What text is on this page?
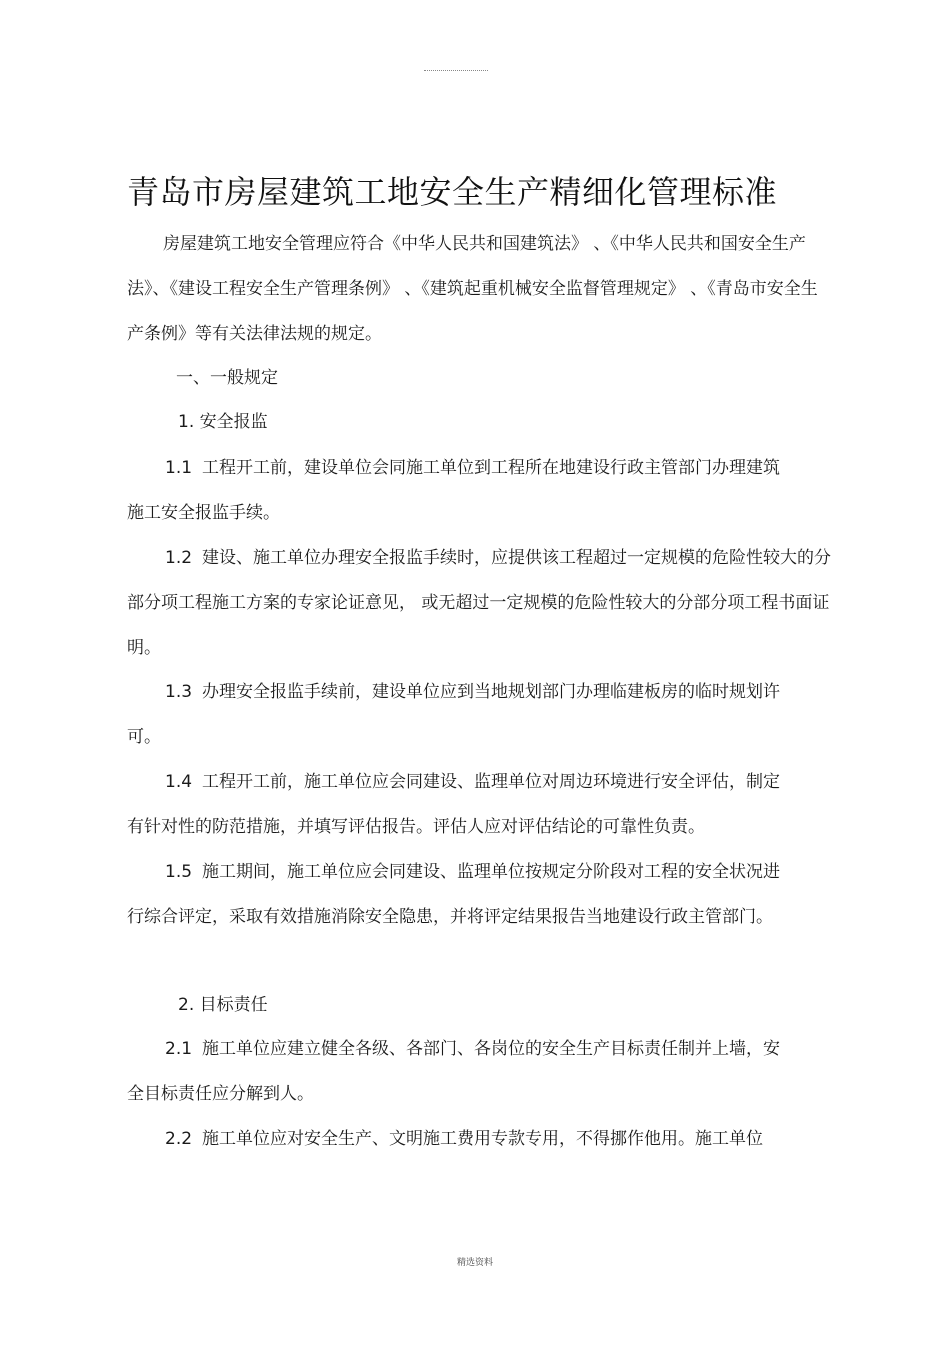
青岛市房屋建筑工地安全生产精细化管理标准

房屋建筑工地安全管理应符合《中华人民共和国建筑法》 、《中华人民共和国安全生产法》、《建设工程安全生产管理条例》 、《建筑起重机械安全监督管理规定》 、《青岛市安全生产条例》等有关法律法规的规定。

一、一般规定
1. 安全报监

1.1 工程开工前，建设单位会同施工单位到工程所在地建设行政主管部门办理建筑施工安全报监手续。

1.2 建设、施工单位办理安全报监手续时，应提供该工程超过一定规模的危险性较大的分部分项工程施工方案的专家论证意见， 或无超过一定规模的危险性较大的分部分项工程书面证明。

1.3 办理安全报监手续前，建设单位应到当地规划部门办理临建板房的临时规划许可。

1.4 工程开工前，施工单位应会同建设、监理单位对周边环境进行安全评估，制定有针对性的防范措施，并填写评估报告。评估人应对评估结论的可靠性负责。

1.5 施工期间，施工单位应会同建设、监理单位按规定分阶段对工程的安全状况进行综合评定，采取有效措施消除安全隐患，并将评定结果报告当地建设行政主管部门。

2. 目标责任

2.1 施工单位应建立健全各级、各部门、各岗位的安全生产目标责任制并上墙，安全目标责任应分解到人。

2.2 施工单位应对安全生产、文明施工费用专款专用，不得挪作他用。施工单位

精选资料
